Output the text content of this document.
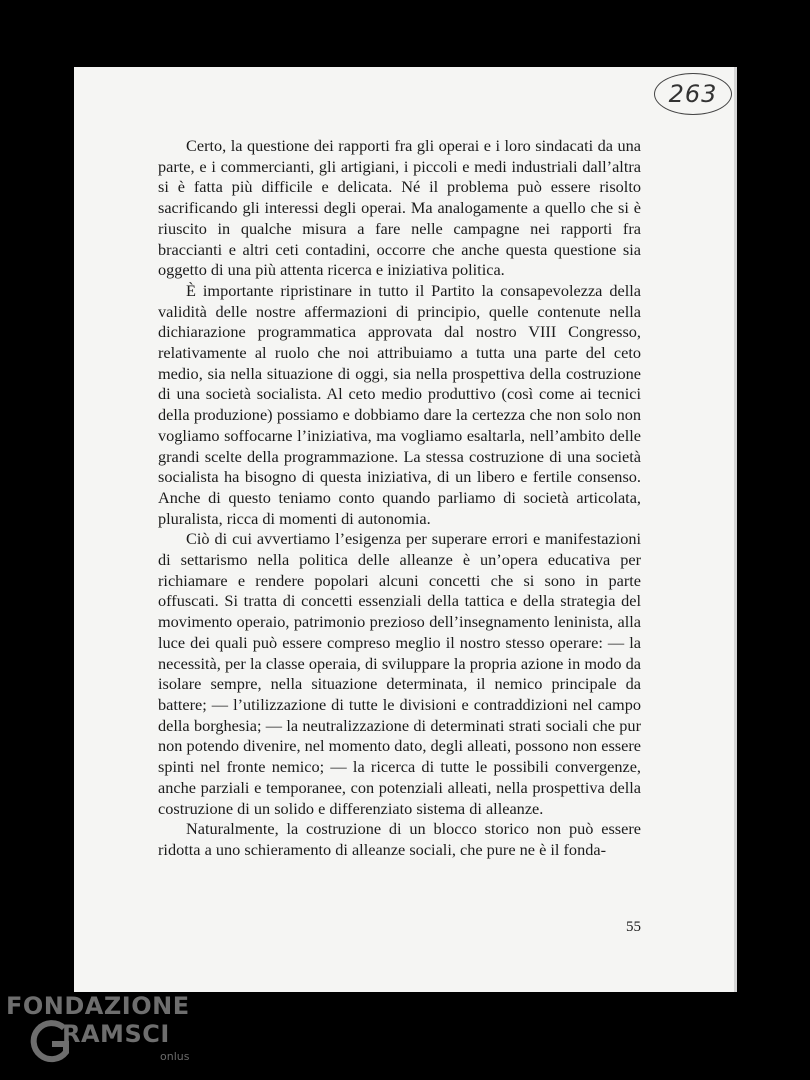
263

Certo, la questione dei rapporti fra gli operai e i loro sindacati da una parte, e i commercianti, gli artigiani, i piccoli e medi industriali dall’altra si è fatta più difficile e delicata. Né il problema può essere risolto sacrificando gli interessi degli operai. Ma analogamente a quello che si è riuscito in qualche misura a fare nelle campagne nei rapporti fra braccianti e altri ceti contadini, occorre che anche questa questione sia oggetto di una più attenta ricerca e iniziativa politica.

È importante ripristinare in tutto il Partito la consapevolezza della validità delle nostre affermazioni di principio, quelle contenute nella dichiarazione programmatica approvata dal nostro VIII Congresso, relativamente al ruolo che noi attribuiamo a tutta una parte del ceto medio, sia nella situazione di oggi, sia nella prospettiva della costruzione di una società socialista. Al ceto medio produttivo (così come ai tecnici della produzione) possiamo e dobbiamo dare la certezza che non solo non vogliamo soffocarne l’iniziativa, ma vogliamo esaltarla, nell’ambito delle grandi scelte della programmazione. La stessa costruzione di una società socialista ha bisogno di questa iniziativa, di un libero e fertile consenso. Anche di questo teniamo conto quando parliamo di società articolata, pluralista, ricca di momenti di autonomia.

Ciò di cui avvertiamo l’esigenza per superare errori e manifestazioni di settarismo nella politica delle alleanze è un’opera educativa per richiamare e rendere popolari alcuni concetti che si sono in parte offuscati. Si tratta di concetti essenziali della tattica e della strategia del movimento operaio, patrimonio prezioso dell’insegnamento leninista, alla luce dei quali può essere compreso meglio il nostro stesso operare: — la necessità, per la classe operaia, di sviluppare la propria azione in modo da isolare sempre, nella situazione determinata, il nemico principale da battere; — l’utilizzazione di tutte le divisioni e contraddizioni nel campo della borghesia; — la neutralizzazione di determinati strati sociali che pur non potendo divenire, nel momento dato, degli alleati, possono non essere spinti nel fronte nemico; — la ricerca di tutte le possibili convergenze, anche parziali e temporanee, con potenziali alleati, nella prospettiva della costruzione di un solido e differenziato sistema di alleanze.

Naturalmente, la costruzione di un blocco storico non può essere ridotta a uno schieramento di alleanze sociali, che pure ne è il fonda-

55
FONDAZIONE
RAMSCI
onlus
